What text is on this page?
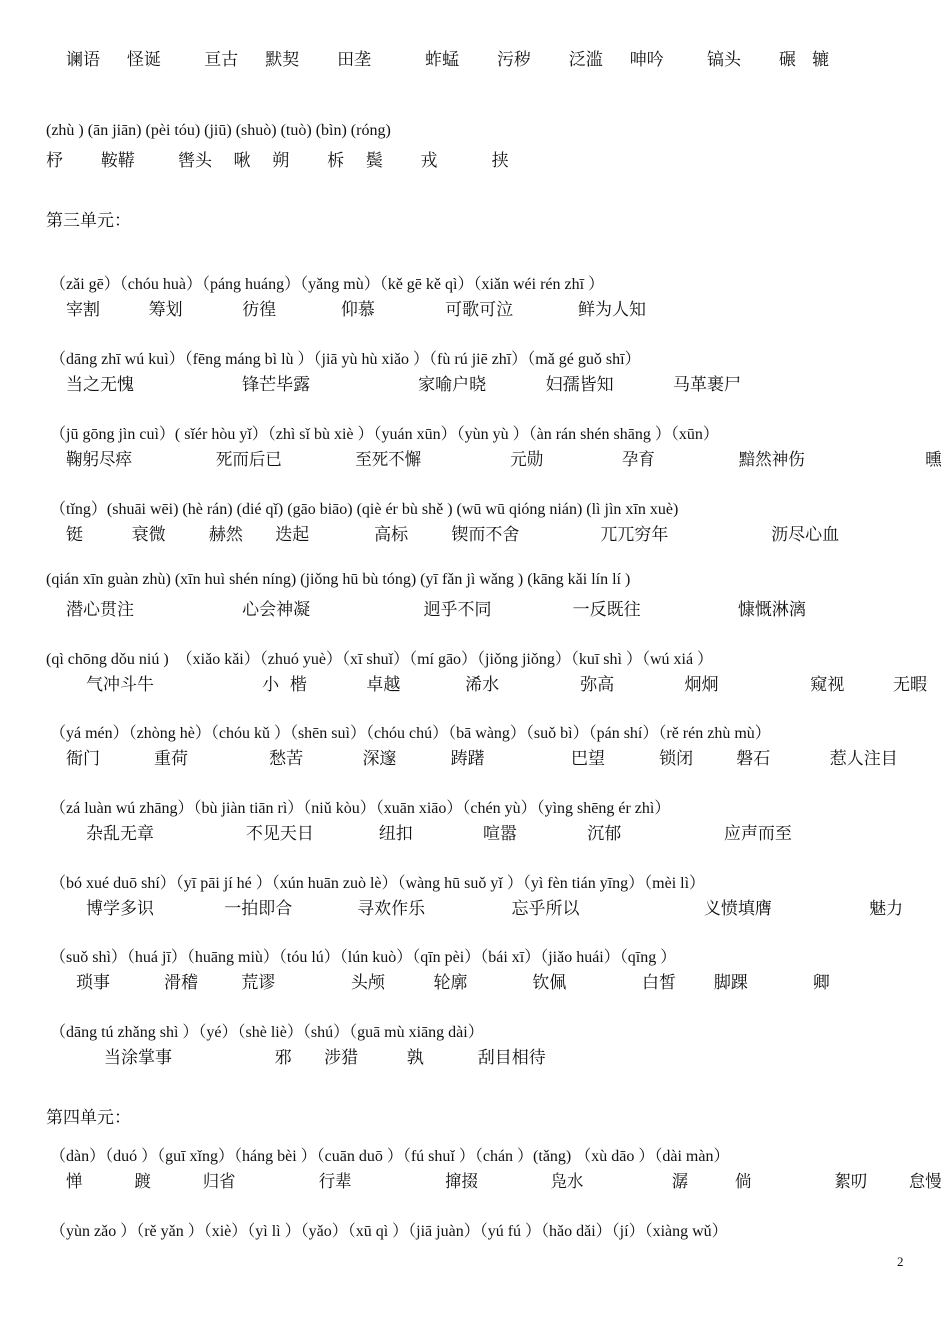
谰语     怪诞        亘古     默契       田垄          蚱蜢       污秽       泛滥     呻吟        镐头       碾   辘
(zhù ) (ān jiān) (pèi tóu) (jiū) (shuò) (tuò) (bìn) (róng)
杼       鞍鞯        辔头    啾    朔       柝    鬓       戎          挟
第三单元：
（zǎi gē）（chóu huà）（páng huáng）（yǎng mù）（kě gē kě qì）（xiǎn wéi rén zhī ）
宰割         筹划           彷徨            仰慕             可歌可泣            鲜为人知
（dāng zhī wú kuì）（fēng máng bì lù ）（jiā yù hù xiǎo ）（fù rú jiē zhī）（mǎ gé guǒ shī）
当之无愧                    锋芒毕露                    家喻户晓           妇孺皆知           马革裹尸
（jū gōng jìn cuì）( sǐér hòu yǐ）（zhì sǐ bù xiè ）（yuán xūn）（yùn yù ）（àn rán shén shāng ）（xūn）
鞠躬尽瘁                死而后已              至死不懈                 元勋               孕育                黯然神伤                       曛
（tǐng）(shuāi wēi) (hè rán) (dié qǐ) (gāo biāo) (qiè ér bù shě ) (wū wū qióng nián) (lì jìn xīn xuè)
铤         衰微        赫然      迭起            高标        锲而不舍               兀兀穷年                   沥尽心血
(qián xīn guàn zhù) (xīn huì shén níng) (jiǒng hū bù tóng) (yī fǎn jì wǎng ) (kāng kǎi lín lí )
潜心贯注                    心会神凝                     迥乎不同               一反既往                  慷慨淋漓
(qì chōng dǒu niú )  （xiǎo kǎi）（zhuó yuè）（xī shuǐ）（mí gāo）（jiǒng jiǒng）（kuī shì ）（wú xiá ）
气冲斗牛                    小  楷           卓越            浠水               弥高             炯炯                 窥视         无暇
（yá mén）（zhòng hè）（chóu kǔ ）（shēn suì）（chóu chú）（bā wàng）（suǒ bì）（pán shí）（rě rén zhù mù）
衙门          重荷               愁苦           深邃          踌躇                巴望          锁闭        磐石           惹人注目
（zá luàn wú zhāng）（bù jiàn tiān rì）（niǔ kòu）（xuān xiāo）（chén yù）（yìng shēng ér zhì）
杂乱无章                 不见天日            纽扣             喧嚣             沉郁                   应声而至
（bó xué duō shí）（yī pāi jí hé ）（xún huān zuò lè）（wàng hū suǒ yǐ ）（yì fèn tián yīng）（mèi lì）
博学多识             一拍即合            寻欢作乐                忘乎所以                       义愤填膺                  魅力
（suǒ shì）（huá jī）（huāng miù）（tóu lú）（lún kuò）（qīn pèi）（bái xī）（jiǎo huái）（qīng ）
琐事          滑稽        荒谬              头颅         轮廓            钦佩              白皙       脚踝            卿
（dāng tú zhǎng shì ）（yé）（shè liè）（shú）（guā mù xiāng dài）
当涂掌事                   邪      涉猎         孰          刮目相待
第四单元：
（dàn）（duó ）（guī xǐng）（háng bèi ）（cuān duō ）（fú shuǐ ）（chán ）(tǎng) （xù dāo ）（dài màn）
惮          踱          归省                行辈                  撺掇              凫水                 潺         倘                絮叨        怠慢
（yùn zǎo ）（rě yǎn ）（xiè）（yì lì ）（yǎo）（xū qì ）（jiā juàn）（yú fú ）（hǎo dǎi）（jí）（xiàng wǔ）
2
